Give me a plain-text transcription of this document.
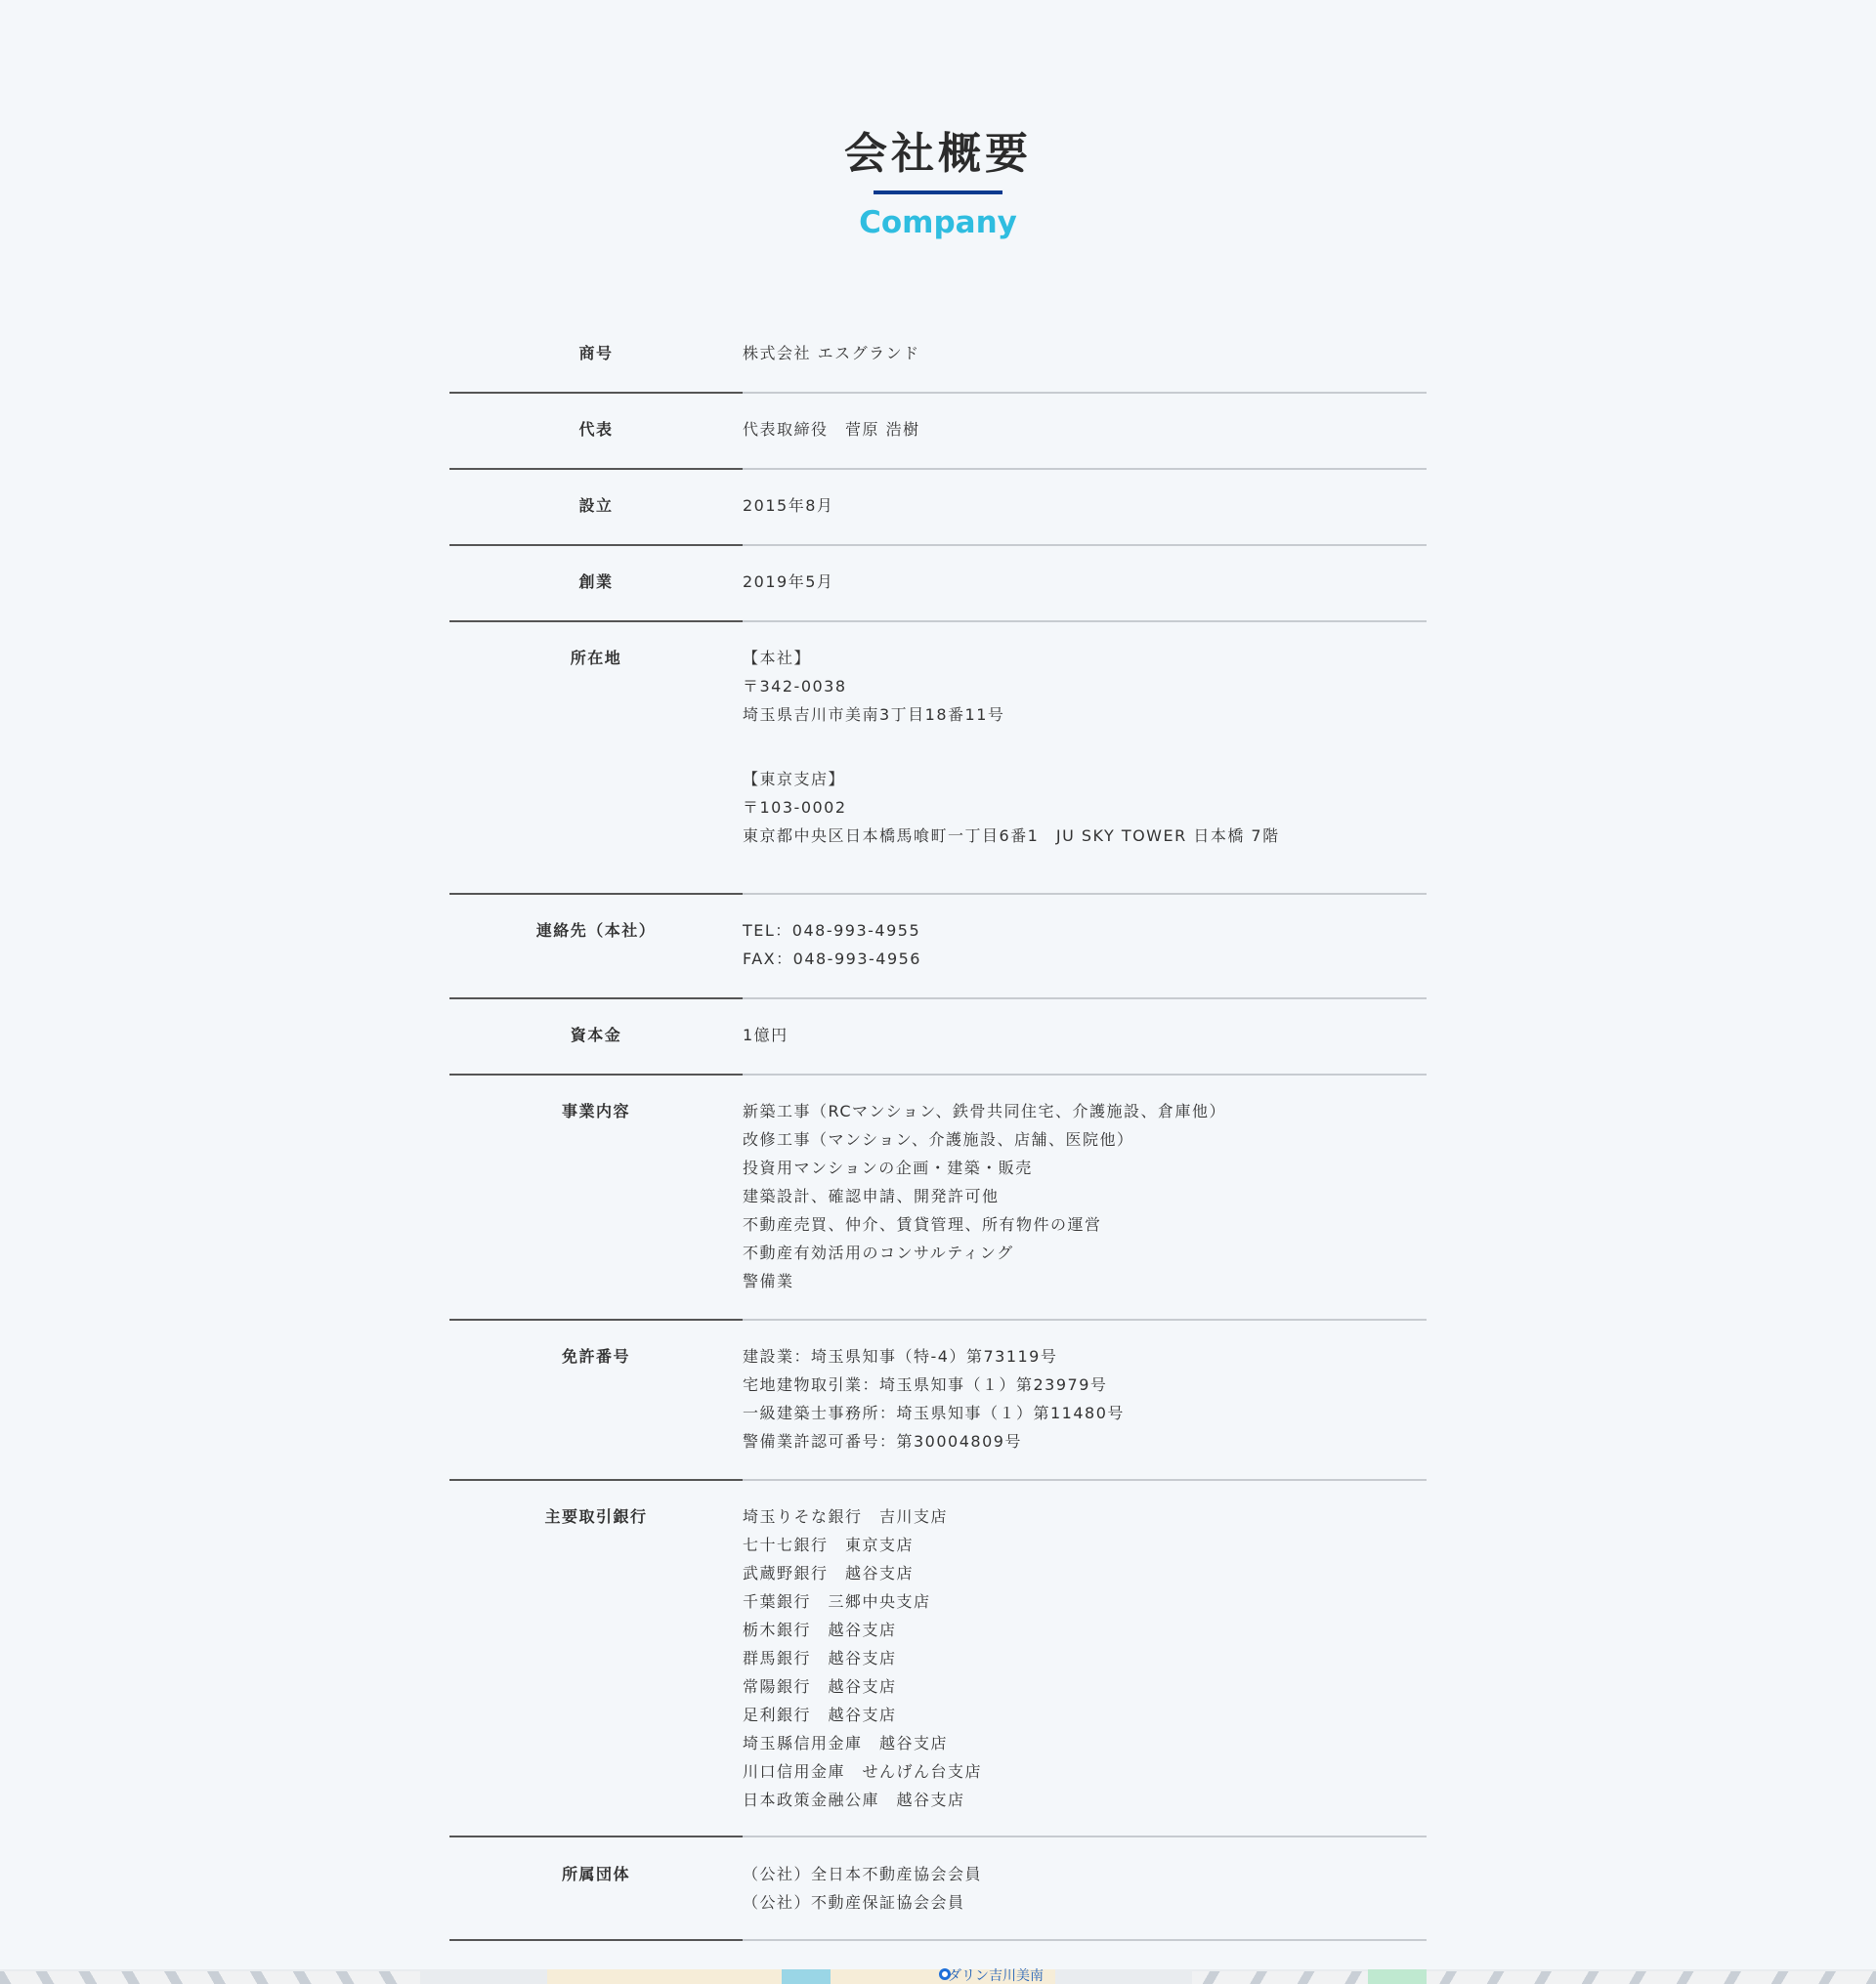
会社概要
Company
商号	株式会社 エスグランド
代表	代表取締役　菅原 浩樹
設立	2015年8月
創業	2019年5月
所在地	【本社】
〒342-0038
埼玉県吉川市美南3丁目18番11号
【東京支店】
〒103-0002
東京都中央区日本橋馬喰町一丁目6番1　JU SKY TOWER 日本橋 7階
連絡先（本社）	TEL：048-993-4955
FAX：048-993-4956
資本金	1億円
事業内容	新築工事（RCマンション、鉄骨共同住宅、介護施設、倉庫他）
改修工事（マンション、介護施設、店舗、医院他）
投資用マンションの企画・建築・販売
建築設計、確認申請、開発許可他
不動産売買、仲介、賃貸管理、所有物件の運営
不動産有効活用のコンサルティング
警備業
免許番号	建設業：埼玉県知事（特-4）第73119号
宅地建物取引業：埼玉県知事（１）第23979号
一級建築士事務所：埼玉県知事（１）第11480号
警備業許認可番号：第30004809号
主要取引銀行	埼玉りそな銀行　吉川支店
七十七銀行　東京支店
武蔵野銀行　越谷支店
千葉銀行　三郷中央支店
栃木銀行　越谷支店
群馬銀行　越谷支店
常陽銀行　越谷支店
足利銀行　越谷支店
埼玉縣信用金庫　越谷支店
川口信用金庫　せんげん台支店
日本政策金融公庫　越谷支店
所属団体	（公社）全日本不動産協会会員
（公社）不動産保証協会会員
ダリン吉川美南
